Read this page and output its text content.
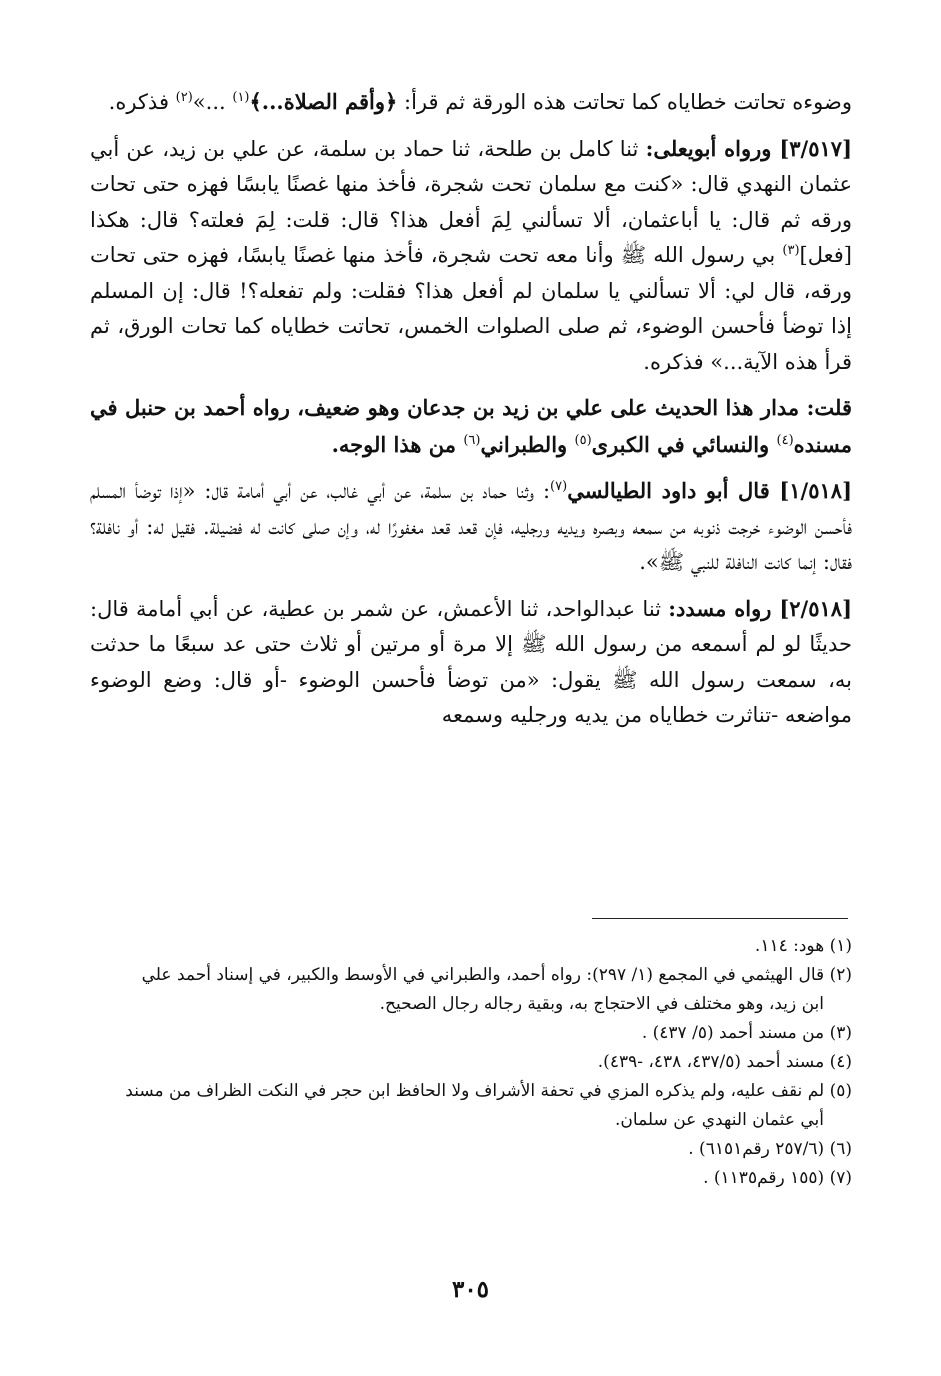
وضوءه تحاتت خطاياه كما تحاتت هذه الورقة ثم قرأ: ﴿وأقم الصلاة...﴾$^{(١)}$ ...»$^{(٢)}$ فذكره.

[٣/٥١٧] ورواه أبويعلى: ثنا كامل بن طلحة، ثنا حماد بن سلمة، عن علي بن زيد، عن أبي عثمان النهدي قال: «كنت مع سلمان تحت شجرة، فأخذ منها غصنًا يابسًا فهزه حتى تحات ورقه ثم قال: يا أباعثمان، ألا تسألني لِمَ أفعل هذا؟ قال: قلت: لِمَ فعلته؟ قال: هكذا [فعل]$^{(٣)}$ بي رسول الله ﷺ وأنا معه تحت شجرة، فأخذ منها غصنًا يابسًا، فهزه حتى تحات ورقه، قال لي: ألا تسألني يا سلمان لم أفعل هذا؟ فقلت: ولم تفعله؟! قال: إن المسلم إذا توضأ فأحسن الوضوء، ثم صلى الصلوات الخمس، تحاتت خطاياه كما تحات الورق، ثم قرأ هذه الآية...» فذكره.

قلت: مدار هذا الحديث على علي بن زيد بن جدعان وهو ضعيف، رواه أحمد بن حنبل في مسنده$^{(٤)}$ والنسائي في الكبرى$^{(٥)}$ والطبراني$^{(٦)}$ من هذا الوجه.

[١/٥١٨] قال أبو داود الطيالسي$^{(٧)}$: وثنا حماد بن سلمة، عن أبي غالب، عن أبي أمامة قال: «إذا توضأ المسلم فأحسن الوضوء خرجت ذنوبه من سمعه وبصره ويديه ورجليه، فإن قعد قعد مغفورًا له، وإن صلى كانت له فضيلة. فقيل له: أو نافلة؟ فقال: إنما كانت النافلة للنبي ﷺ».

[٢/٥١٨] رواه مسدد: ثنا عبدالواحد، ثنا الأعمش، عن شمر بن عطية، عن أبي أمامة قال: حديثًا لو لم أسمعه من رسول الله ﷺ إلا مرة أو مرتين أو ثلاث حتى عد سبعًا ما حدثت به، سمعت رسول الله ﷺ يقول: «من توضأ فأحسن الوضوء -أو قال: وضع الوضوء مواضعه -تناثرت خطاياه من يديه ورجليه وسمعه

(١) هود: ١١٤.

(٢) قال الهيثمي في المجمع (١/ ٢٩٧): رواه أحمد، والطبراني في الأوسط والكبير، في إسناد أحمد علي

ابن زيد، وهو مختلف في الاحتجاج به، وبقية رجاله رجال الصحيح.

(٣) من مسند أحمد (٥/ ٤٣٧) .

(٤) مسند أحمد (٤٣٧/٥، ٤٣٨، -٤٣٩).

(٥) لم نقف عليه، ولم يذكره المزي في تحفة الأشراف ولا الحافظ ابن حجر في النكت الظراف من مسند

أبي عثمان النهدي عن سلمان.

(٦) (٢٥٧/٦ رقم٦١٥١) .

(٧) (١٥٥ رقم١١٣٥) .

٣٠٥
